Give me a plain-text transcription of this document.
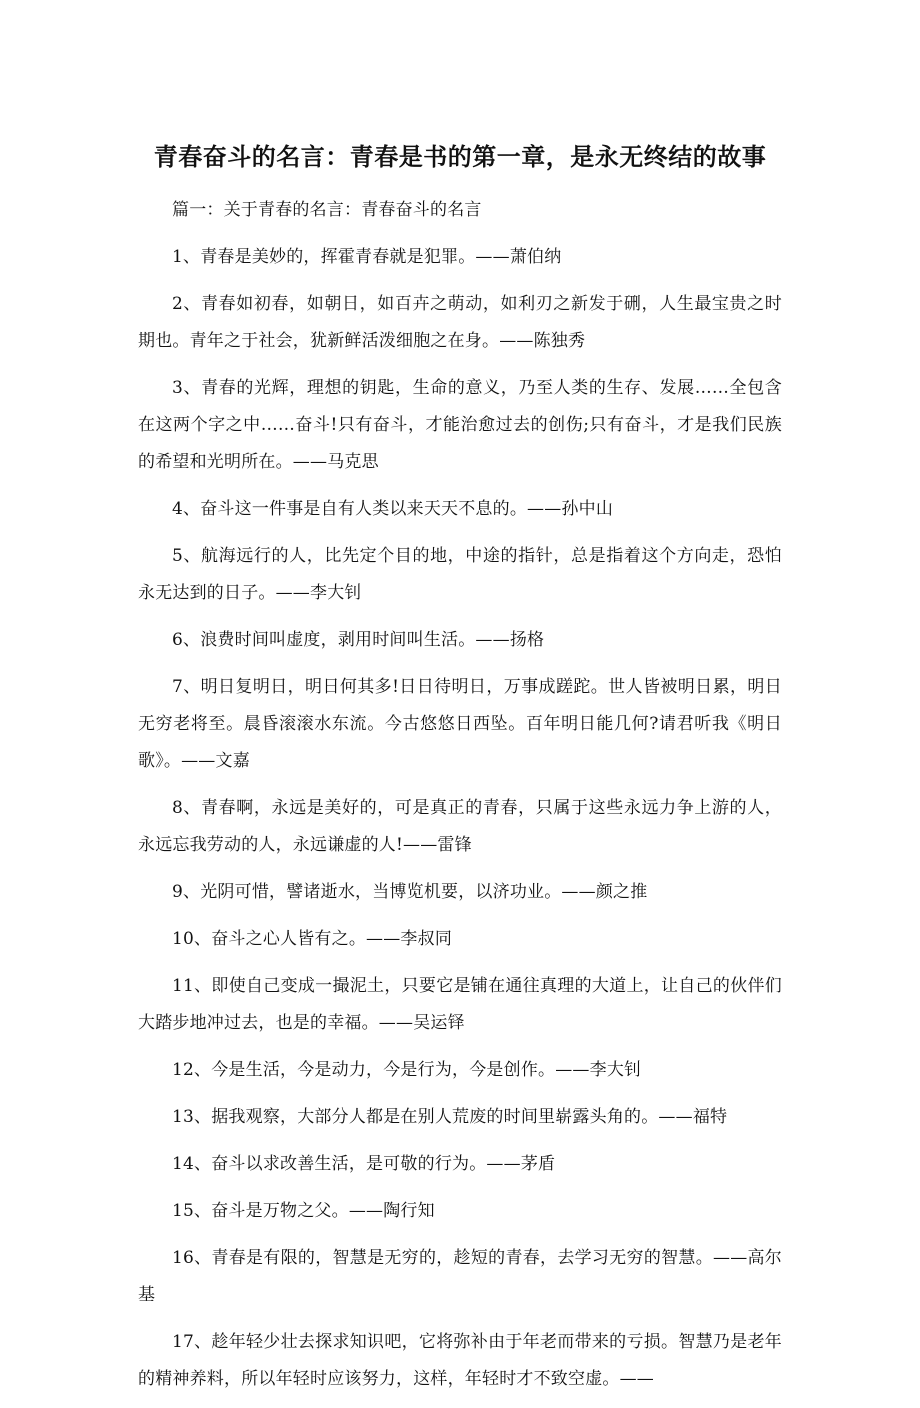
青春奋斗的名言：青春是书的第一章，是永无终结的故事

篇一：关于青春的名言：青春奋斗的名言

1、青春是美妙的，挥霍青春就是犯罪。——萧伯纳

2、青春如初春，如朝日，如百卉之萌动，如利刃之新发于硎，人生最宝贵之时期也。青年之于社会，犹新鲜活泼细胞之在身。——陈独秀

3、青春的光辉，理想的钥匙，生命的意义，乃至人类的生存、发展……全包含在这两个字之中……奋斗!只有奋斗，才能治愈过去的创伤;只有奋斗，才是我们民族的希望和光明所在。——马克思

4、奋斗这一件事是自有人类以来天天不息的。——孙中山

5、航海远行的人，比先定个目的地，中途的指针，总是指着这个方向走，恐怕永无达到的日子。——李大钊

6、浪费时间叫虚度，剥用时间叫生活。——扬格

7、明日复明日，明日何其多!日日待明日，万事成蹉跎。世人皆被明日累，明日无穷老将至。晨昏滚滚水东流。今古悠悠日西坠。百年明日能几何?请君听我《明日歌》。——文嘉

8、青春啊，永远是美好的，可是真正的青春，只属于这些永远力争上游的人，永远忘我劳动的人，永远谦虚的人!——雷锋

9、光阴可惜，譬诸逝水，当博览机要，以济功业。——颜之推

10、奋斗之心人皆有之。——李叔同

11、即使自己变成一撮泥土，只要它是铺在通往真理的大道上，让自己的伙伴们大踏步地冲过去，也是的幸福。——吴运铎

12、今是生活，今是动力，今是行为，今是创作。——李大钊

13、据我观察，大部分人都是在别人荒废的时间里崭露头角的。——福特

14、奋斗以求改善生活，是可敬的行为。——茅盾

15、奋斗是万物之父。——陶行知

16、青春是有限的，智慧是无穷的，趁短的青春，去学习无穷的智慧。——高尔基

17、趁年轻少壮去探求知识吧，它将弥补由于年老而带来的亏损。智慧乃是老年的精神养料，所以年轻时应该努力，这样，年轻时才不致空虚。——
